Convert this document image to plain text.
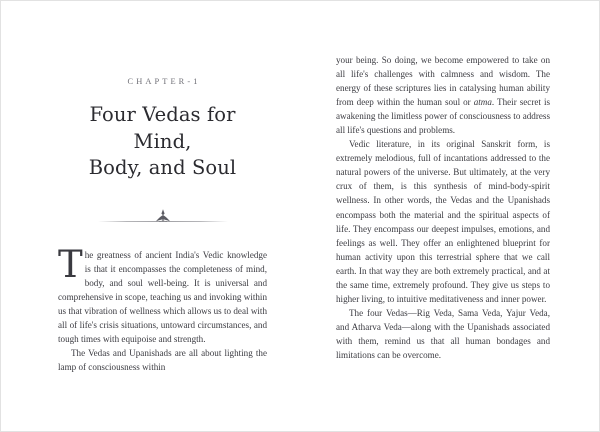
CHAPTER-1

Four Vedas for Mind,
Body, and Soul

The greatness of ancient India's Vedic knowledge is that it encompasses the completeness of mind, body, and soul well-being. It is universal and comprehensive in scope, teaching us and invoking within us that vibration of wellness which allows us to deal with all of life's crisis situations, untoward circumstances, and tough times with equipoise and strength.

The Vedas and Upanishads are all about lighting the lamp of consciousness within

your being. So doing, we become empowered to take on all life's challenges with calmness and wisdom. The energy of these scriptures lies in catalysing human ability from deep within the human soul or atma. Their secret is awakening the limitless power of consciousness to address all life's questions and problems.

Vedic literature, in its original Sanskrit form, is extremely melodious, full of incantations addressed to the natural powers of the universe. But ultimately, at the very crux of them, is this synthesis of mind-body-spirit wellness. In other words, the Vedas and the Upanishads encompass both the material and the spiritual aspects of life. They encompass our deepest impulses, emotions, and feelings as well. They offer an enlightened blueprint for human activity upon this terrestrial sphere that we call earth. In that way they are both extremely practical, and at the same time, extremely profound. They give us steps to higher living, to intuitive meditativeness and inner power.

The four Vedas—Rig Veda, Sama Veda, Yajur Veda, and Atharva Veda—along with the Upanishads associated with them, remind us that all human bondages and limitations can be overcome.
